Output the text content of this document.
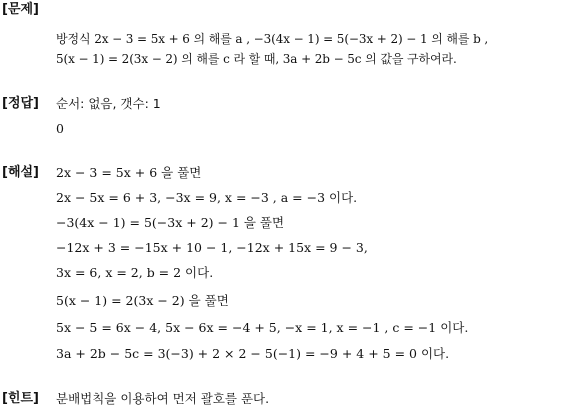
[문제]
방정식 2x − 3 = 5x + 6 의 해를 a , −3(4x − 1) = 5(−3x + 2) − 1 의 해를 b ,
5(x − 1) = 2(3x − 2) 의 해를 c 라 할 때, 3a + 2b − 5c 의 값을 구하여라.
[정답] 순서: 없음, 갯수: 1
0
[해설] 2x − 3 = 5x + 6 을 풀면
2x − 5x = 6 + 3, −3x = 9, x = −3 , a = −3 이다.
−3(4x − 1) = 5(−3x + 2) − 1 을 풀면
−12x + 3 = −15x + 10 − 1, −12x + 15x = 9 − 3,
3x = 6, x = 2, b = 2 이다.
5(x − 1) = 2(3x − 2) 을 풀면
5x − 5 = 6x − 4, 5x − 6x = −4 + 5, −x = 1, x = −1 , c = −1 이다.
3a + 2b − 5c = 3(−3) + 2 × 2 − 5(−1) = −9 + 4 + 5 = 0 이다.
[힌트] 분배법칙을 이용하여 먼저 괄호를 푼다.
